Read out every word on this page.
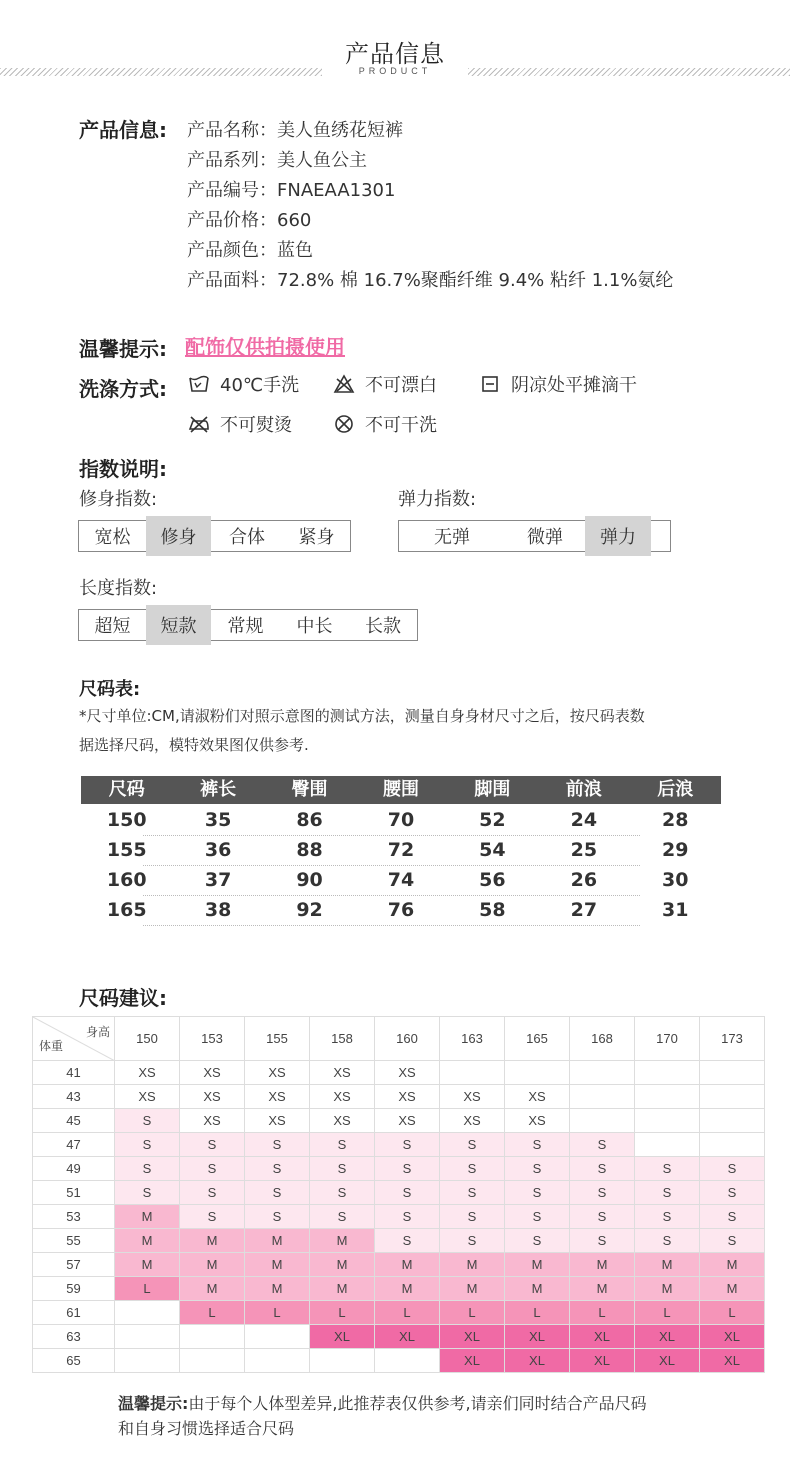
产品信息
PRODUCT
产品信息: 产品名称：美人鱼绣花短裤
产品系列：美人鱼公主
产品编号：FNAEAA1301
产品价格：660
产品颜色：蓝色
产品面料：72.8% 棉 16.7%聚酯纤维 9.4% 粘纤 1.1%氨纶
温馨提示: 配饰仅供拍摄使用
洗涤方式:	40℃手洗	不可漂白	阴凉处平摊滴干
不可熨烫	不可干洗
指数说明:
修身指数:	弹力指数:
宽松	修身	合体	紧身	无弹	微弹	弹力
长度指数:
超短	短款	常规	中长	长款
尺码表:
*尺寸单位:CM,请淑粉们对照示意图的测试方法，测量自身身材尺寸之后，按尺码表数
据选择尺码，模特效果图仅供参考.
尺码	裤长	臀围	腰围	脚围	前浪	后浪
150	35	86	70	52	24	28
155	36	88	72	54	25	29
160	37	90	74	56	26	30
165	38	92	76	58	27	31
尺码建议:
身高
体重	150	153	155	158	160	163	165	168	170	173
41	XS	XS	XS	XS	XS					
43	XS	XS	XS	XS	XS	XS	XS			
45	S	XS	XS	XS	XS	XS	XS			
47	S	S	S	S	S	S	S	S		
49	S	S	S	S	S	S	S	S	S	S
51	S	S	S	S	S	S	S	S	S	S
53	M	S	S	S	S	S	S	S	S	S
55	M	M	M	M	S	S	S	S	S	S
57	M	M	M	M	M	M	M	M	M	M
59	L	M	M	M	M	M	M	M	M	M
61		L	L	L	L	L	L	L	L	L
63				XL	XL	XL	XL	XL	XL	XL
65						XL	XL	XL	XL	XL
温馨提示:由于每个人体型差异,此推荐表仅供参考,请亲们同时结合产品尺码
和自身习惯选择适合尺码
